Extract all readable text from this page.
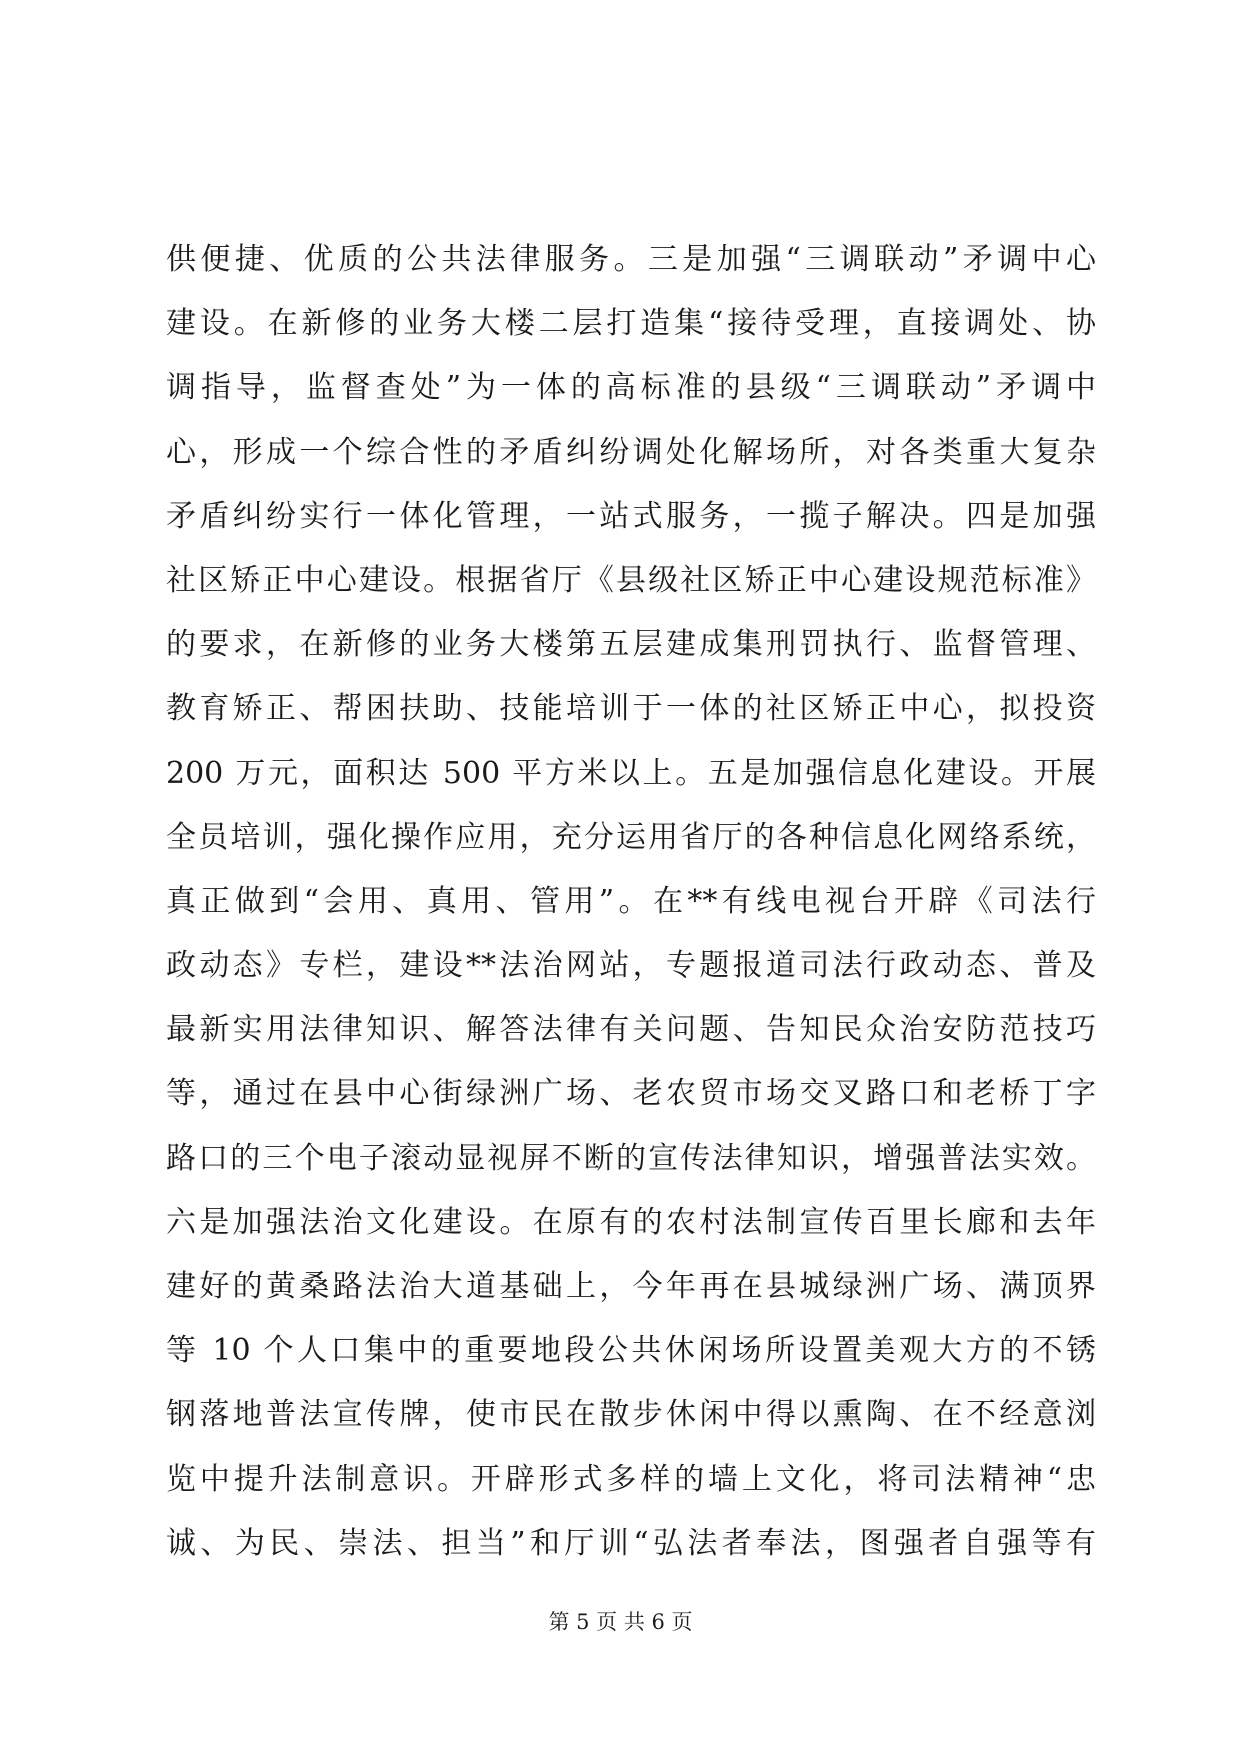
供便捷、优质的公共法律服务。三是加强“三调联动”矛调中心
建设。在新修的业务大楼二层打造集“接待受理，直接调处、协
调指导，监督查处”为一体的高标准的县级“三调联动”矛调中
心，形成一个综合性的矛盾纠纷调处化解场所，对各类重大复杂
矛盾纠纷实行一体化管理，一站式服务，一揽子解决。四是加强
社区矫正中心建设。根据省厅《县级社区矫正中心建设规范标准》
的要求，在新修的业务大楼第五层建成集刑罚执行、监督管理、
教育矫正、帮困扶助、技能培训于一体的社区矫正中心，拟投资
200 万元，面积达 500 平方米以上。五是加强信息化建设。开展
全员培训，强化操作应用，充分运用省厅的各种信息化网络系统，
真正做到“会用、真用、管用”。在**有线电视台开辟《司法行
政动态》专栏，建设**法治网站，专题报道司法行政动态、普及
最新实用法律知识、解答法律有关问题、告知民众治安防范技巧
等，通过在县中心街绿洲广场、老农贸市场交叉路口和老桥丁字
路口的三个电子滚动显视屏不断的宣传法律知识，增强普法实效。
六是加强法治文化建设。在原有的农村法制宣传百里长廊和去年
建好的黄桑路法治大道基础上，今年再在县城绿洲广场、满顶界
等 10 个人口集中的重要地段公共休闲场所设置美观大方的不锈
钢落地普法宣传牌，使市民在散步休闲中得以熏陶、在不经意浏
览中提升法制意识。开辟形式多样的墙上文化，将司法精神“忠
诚、为民、崇法、担当”和厅训“弘法者奉法，图强者自强等有
第 5 页 共 6 页
